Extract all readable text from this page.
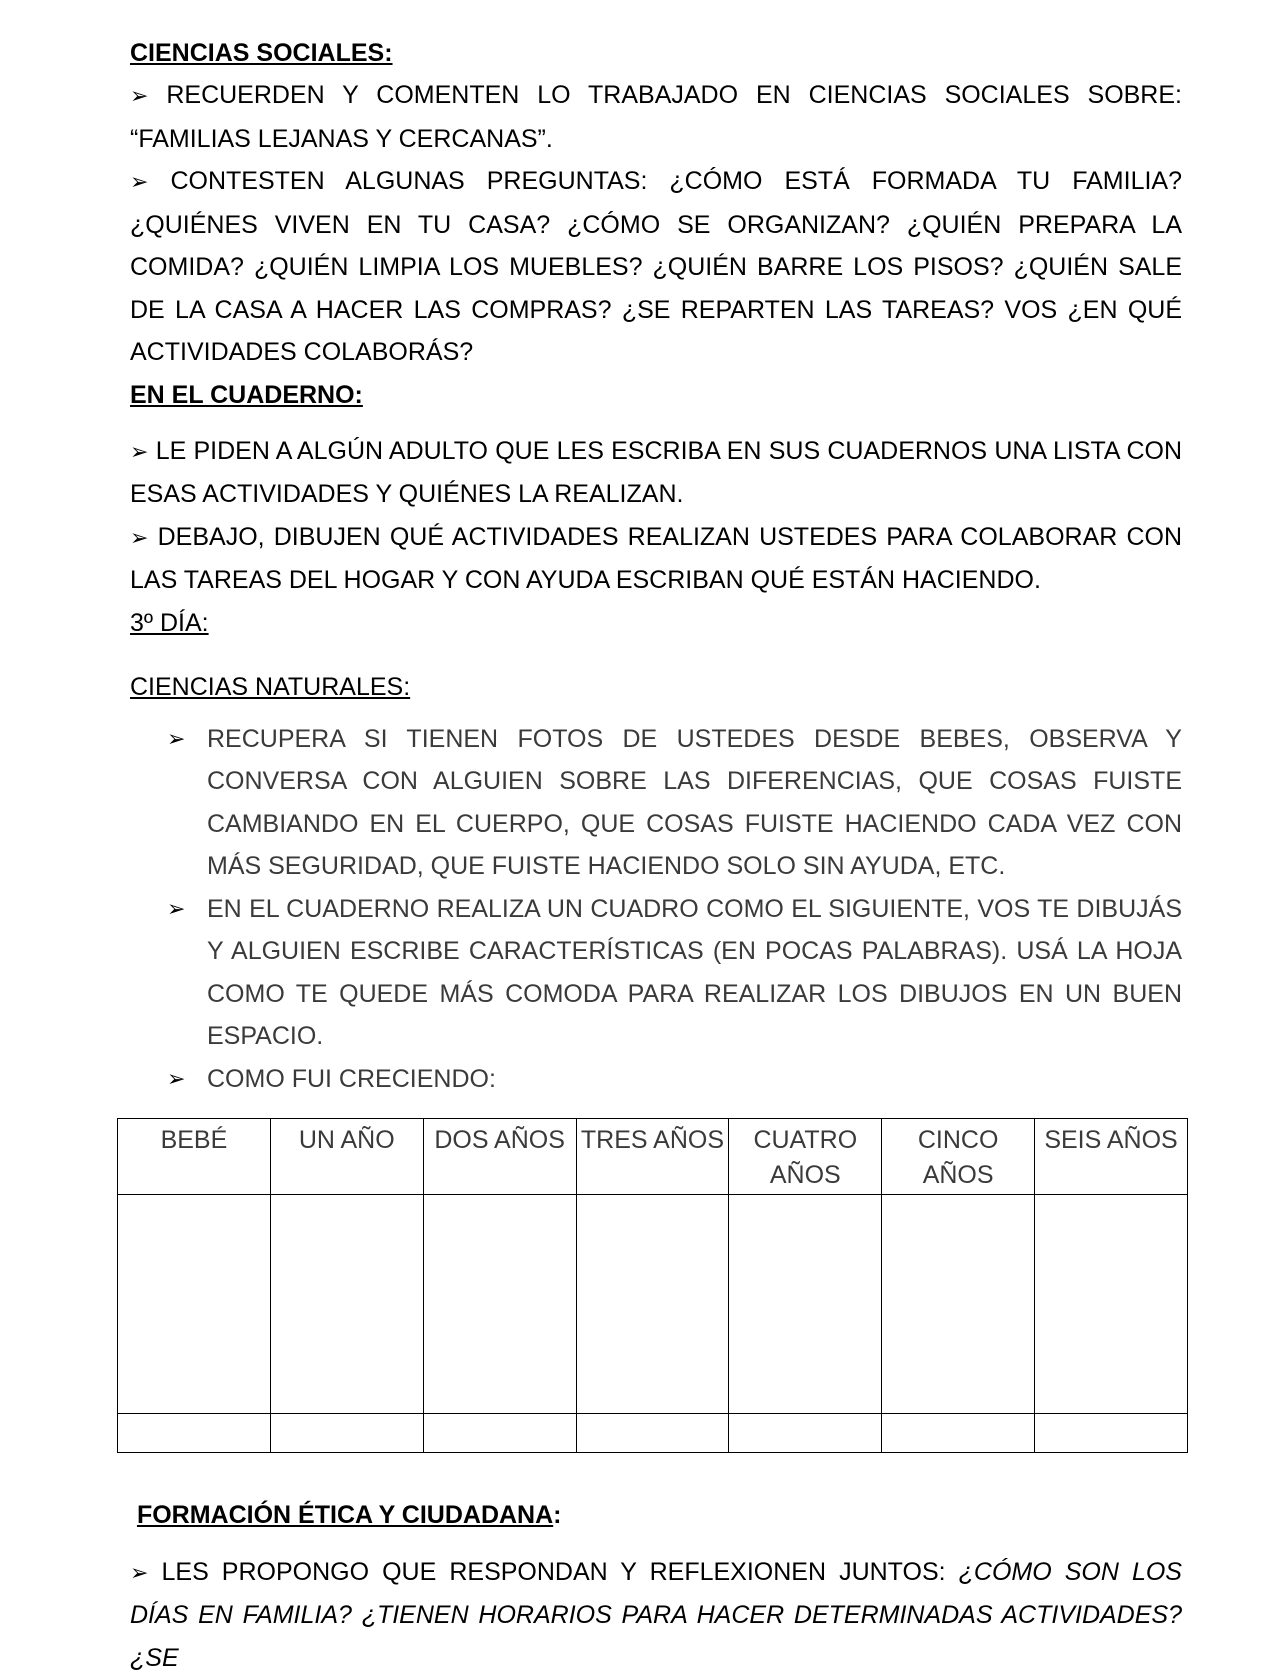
CIENCIAS SOCIALES:

➢ RECUERDEN Y COMENTEN LO TRABAJADO EN CIENCIAS SOCIALES SOBRE: “FAMILIAS LEJANAS Y CERCANAS”.

➢ CONTESTEN ALGUNAS PREGUNTAS: ¿CÓMO ESTÁ FORMADA TU FAMILIA? ¿QUIÉNES VIVEN EN TU CASA? ¿CÓMO SE ORGANIZAN? ¿QUIÉN PREPARA LA COMIDA? ¿QUIÉN LIMPIA LOS MUEBLES? ¿QUIÉN BARRE LOS PISOS? ¿QUIÉN SALE DE LA CASA A HACER LAS COMPRAS? ¿SE REPARTEN LAS TAREAS? VOS ¿EN QUÉ ACTIVIDADES COLABORÁS?

EN EL CUADERNO:

➢ LE PIDEN A ALGÚN ADULTO QUE LES ESCRIBA EN SUS CUADERNOS UNA LISTA CON ESAS ACTIVIDADES Y QUIÉNES LA REALIZAN.

➢ DEBAJO, DIBUJEN QUÉ ACTIVIDADES REALIZAN USTEDES PARA COLABORAR CON LAS TAREAS DEL HOGAR Y CON AYUDA ESCRIBAN QUÉ ESTÁN HACIENDO.

3º DÍA:

CIENCIAS NATURALES:

➢ RECUPERA SI TIENEN FOTOS DE USTEDES DESDE BEBES, OBSERVA Y CONVERSA CON ALGUIEN SOBRE LAS DIFERENCIAS, QUE COSAS FUISTE CAMBIANDO EN EL CUERPO, QUE COSAS FUISTE HACIENDO CADA VEZ CON MÁS SEGURIDAD, QUE FUISTE HACIENDO SOLO SIN AYUDA, ETC.

➢ EN EL CUADERNO REALIZA UN CUADRO COMO EL SIGUIENTE, VOS TE DIBUJÁS Y ALGUIEN ESCRIBE CARACTERÍSTICAS (EN POCAS PALABRAS). USÁ LA HOJA COMO TE QUEDE MÁS COMODA PARA REALIZAR LOS DIBUJOS EN UN BUEN ESPACIO.

➢ COMO FUI CRECIENDO:

BEBÉ	UN AÑO	DOS AÑOS	TRES AÑOS	CUATRO AÑOS	CINCO AÑOS	SEIS AÑOS

FORMACIÓN ÉTICA Y CIUDADANA:

➢ LES PROPONGO QUE RESPONDAN Y REFLEXIONEN JUNTOS: ¿CÓMO SON LOS DÍAS EN FAMILIA? ¿TIENEN HORARIOS PARA HACER DETERMINADAS ACTIVIDADES? ¿SE
